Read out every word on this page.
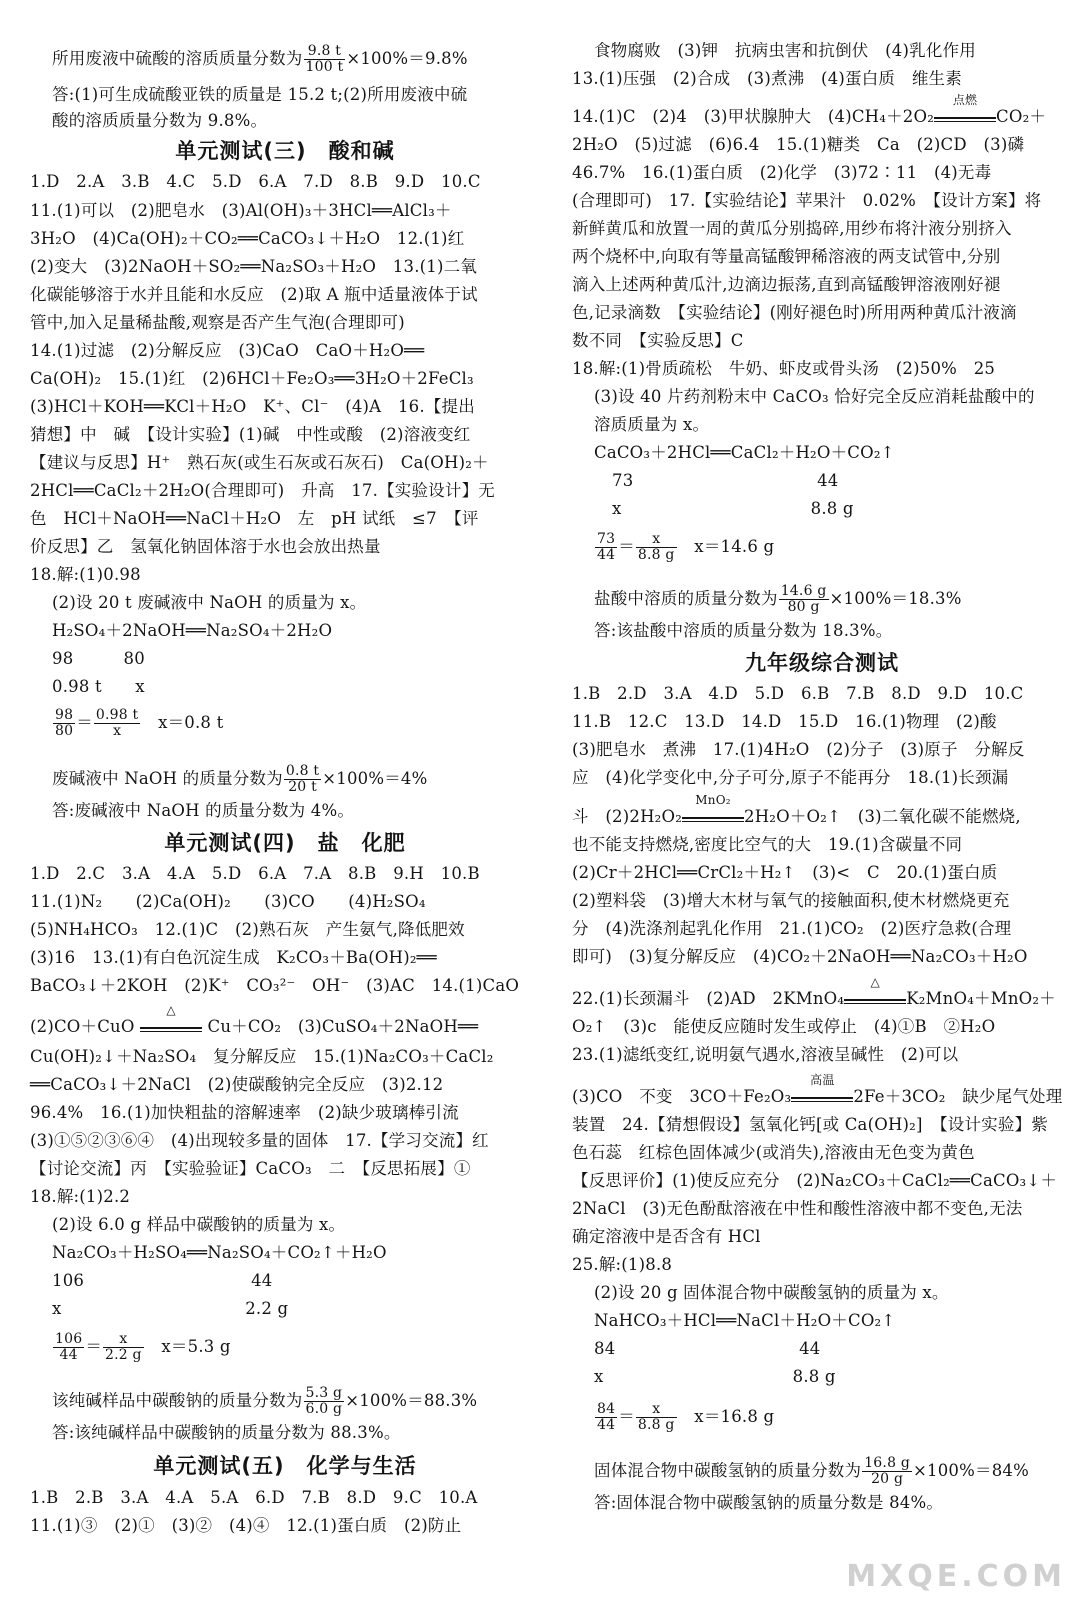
所用废液中硫酸的溶质质量分数为 $\frac{9.8 t}{100 t} \times 100\%=9.8\%$
答:(1)可生成硫酸亚铁的质量是 15.2 t;(2)所用废液中硫
酸的溶质质量分数为 9.8%。
单元测试(三)　酸和碱
1.D　2.A　3.B　4.C　5.D　6.A　7.D　8.B　9.D　10.C
11.(1)可以　(2)肥皂水　(3)Al(OH)₃＋3HCl══AlCl₃＋
3H₂O　(4)Ca(OH)₂＋CO₂══CaCO₃↓＋H₂O　12.(1)红
(2)变大　(3)2NaOH＋SO₂══Na₂SO₃＋H₂O　13.(1)二氧
化碳能够溶于水并且能和水反应　(2)取 A 瓶中适量液体于试
管中,加入足量稀盐酸,观察是否产生气泡(合理即可)
14.(1)过滤　(2)分解反应　(3)CaO　CaO＋H₂O══
Ca(OH)₂　15.(1)红　(2)6HCl＋Fe₂O₃══3H₂O＋2FeCl₃
(3)HCl＋KOH══KCl＋H₂O　K⁺、Cl⁻　(4)A　16.【提出
猜想】中　碱　【设计实验】(1)碱　中性或酸　(2)溶液变红
【建议与反思】H⁺　熟石灰(或生石灰或石灰石)　Ca(OH)₂＋
2HCl══CaCl₂＋2H₂O(合理即可)　升高　17.【实验设计】无
色　HCl＋NaOH══NaCl＋H₂O　左　pH 试纸　≤7　【评
价反思】乙　氢氧化钠固体溶于水也会放出热量
18.解:(1)0.98
(2)设 20 t 废碱液中 NaOH 的质量为 x。
H₂SO₄＋2NaOH══Na₂SO₄＋2H₂O
98　　　80
0.98 t　　x
$\frac{98}{80} = \frac{0.98 t}{x}$ 　x＝0.8 t
废碱液中 NaOH 的质量分数为 $\frac{0.8 t}{20 t} \times 100\%=4\%$
答:废碱液中 NaOH 的质量分数为 4%。
单元测试(四)　盐　化肥
1.D　2.C　3.A　4.A　5.D　6.A　7.A　8.B　9.H　10.B
11.(1)N₂　　(2)Ca(OH)₂　　(3)CO　　(4)H₂SO₄
(5)NH₄HCO₃　12.(1)C　(2)熟石灰　产生氨气,降低肥效
(3)16　13.(1)有白色沉淀生成　K₂CO₃＋Ba(OH)₂══
BaCO₃↓＋2KOH　(2)K⁺　CO₃²⁻　OH⁻　(3)AC　14.(1)CaO
(2)CO＋CuO
△
Cu＋CO₂　(3)CuSO₄＋2NaOH══
Cu(OH)₂↓＋Na₂SO₄　复分解反应　15.(1)Na₂CO₃＋CaCl₂
══CaCO₃↓＋2NaCl　(2)使碳酸钠完全反应　(3)2.12
96.4%　16.(1)加快粗盐的溶解速率　(2)缺少玻璃棒引流
(3)①⑤②③⑥④　(4)出现较多量的固体　17.【学习交流】红
【讨论交流】丙　【实验验证】CaCO₃　二　【反思拓展】①
18.解:(1)2.2
(2)设 6.0 g 样品中碳酸钠的质量为 x。
Na₂CO₃＋H₂SO₄══Na₂SO₄＋CO₂↑＋H₂O
106　　　　　　　　　　44
x　　　　　　　　　　　2.2 g
$\frac{106}{44} = \frac{x}{2.2 g}$ 　x＝5.3 g
该纯碱样品中碳酸钠的质量分数为 $\frac{5.3 g}{6.0 g} \times 100\%=88.3\%$
答:该纯碱样品中碳酸钠的质量分数为 88.3%。
单元测试(五)　化学与生活
1.B　2.B　3.A　4.A　5.A　6.D　7.B　8.D　9.C　10.A
11.(1)③　(2)①　(3)②　(4)④　12.(1)蛋白质　(2)防止
食物腐败　(3)钾　抗病虫害和抗倒伏　(4)乳化作用
13.(1)压强　(2)合成　(3)煮沸　(4)蛋白质　维生素
14.(1)C　(2)4　(3)甲状腺肿大　(4)CH₄＋2O₂
点燃
CO₂＋
2H₂O　(5)过滤　(6)6.4　15.(1)糖类　Ca　(2)CD　(3)磷
46.7%　16.(1)蛋白质　(2)化学　(3)72∶11　(4)无毒
(合理即可)　17.【实验结论】苹果汁　0.02%　【设计方案】将
新鲜黄瓜和放置一周的黄瓜分别捣碎,用纱布将汁液分别挤入
两个烧杯中,向取有等量高锰酸钾稀溶液的两支试管中,分别
滴入上述两种黄瓜汁,边滴边振荡,直到高锰酸钾溶液刚好褪
色,记录滴数　【实验结论】(刚好褪色时)所用两种黄瓜汁液滴
数不同　【实验反思】C
18.解:(1)骨质疏松　牛奶、虾皮或骨头汤　(2)50%　25
(3)设 40 片药剂粉末中 CaCO₃ 恰好完全反应消耗盐酸中的
溶质质量为 x。
CaCO₃＋2HCl══CaCl₂＋H₂O＋CO₂↑
73　　　　　　　　　　　44
x　　　　　　　　　　　 8.8 g
$\frac{73}{44} = \frac{x}{8.8 g}$ 　x＝14.6 g
盐酸中溶质的质量分数为 $\frac{14.6 g}{80 g} \times 100\%=18.3\%$
答:该盐酸中溶质的质量分数为 18.3%。
九年级综合测试
1.B　2.D　3.A　4.D　5.D　6.B　7.B　8.D　9.D　10.C
11.B　12.C　13.D　14.D　15.D　16.(1)物理　(2)酸
(3)肥皂水　煮沸　17.(1)4H₂O　(2)分子　(3)原子　分解反
应　(4)化学变化中,分子可分,原子不能再分　18.(1)长颈漏
斗　(2)2H₂O₂
MnO₂
2H₂O＋O₂↑　(3)二氧化碳不能燃烧,
也不能支持燃烧,密度比空气的大　19.(1)含碳量不同
(2)Cr＋2HCl══CrCl₂＋H₂↑　(3)<　C　20.(1)蛋白质
(2)塑料袋　(3)增大木材与氧气的接触面积,使木材燃烧更充
分　(4)洗涤剂起乳化作用　21.(1)CO₂　(2)医疗急救(合理
即可)　(3)复分解反应　(4)CO₂＋2NaOH══Na₂CO₃＋H₂O
22.(1)长颈漏斗　(2)AD　2KMnO₄
△
K₂MnO₄＋MnO₂＋
O₂↑　(3)c　能使反应随时发生或停止　(4)①B　②H₂O
23.(1)滤纸变红,说明氨气遇水,溶液呈碱性　(2)可以
(3)CO　不变　3CO＋Fe₂O₃
高温
2Fe＋3CO₂　缺少尾气处理
装置　24.【猜想假设】氢氧化钙[或 Ca(OH)₂]　【设计实验】紫
色石蕊　红棕色固体减少(或消失),溶液由无色变为黄色
【反思评价】(1)使反应充分　(2)Na₂CO₃＋CaCl₂══CaCO₃↓＋
2NaCl　(3)无色酚酞溶液在中性和酸性溶液中都不变色,无法
确定溶液中是否含有 HCl
25.解:(1)8.8
(2)设 20 g 固体混合物中碳酸氢钠的质量为 x。
NaHCO₃＋HCl══NaCl＋H₂O＋CO₂↑
84　　　　　　　　　　　44
x　　　　　　　　　　　 8.8 g
$\frac{84}{44} = \frac{x}{8.8 g}$ 　x＝16.8 g
固体混合物中碳酸氢钠的质量分数为 $\frac{16.8 g}{20 g} \times 100\%=84\%$
答:固体混合物中碳酸氢钠的质量分数是 84%。
MXQE.COM
